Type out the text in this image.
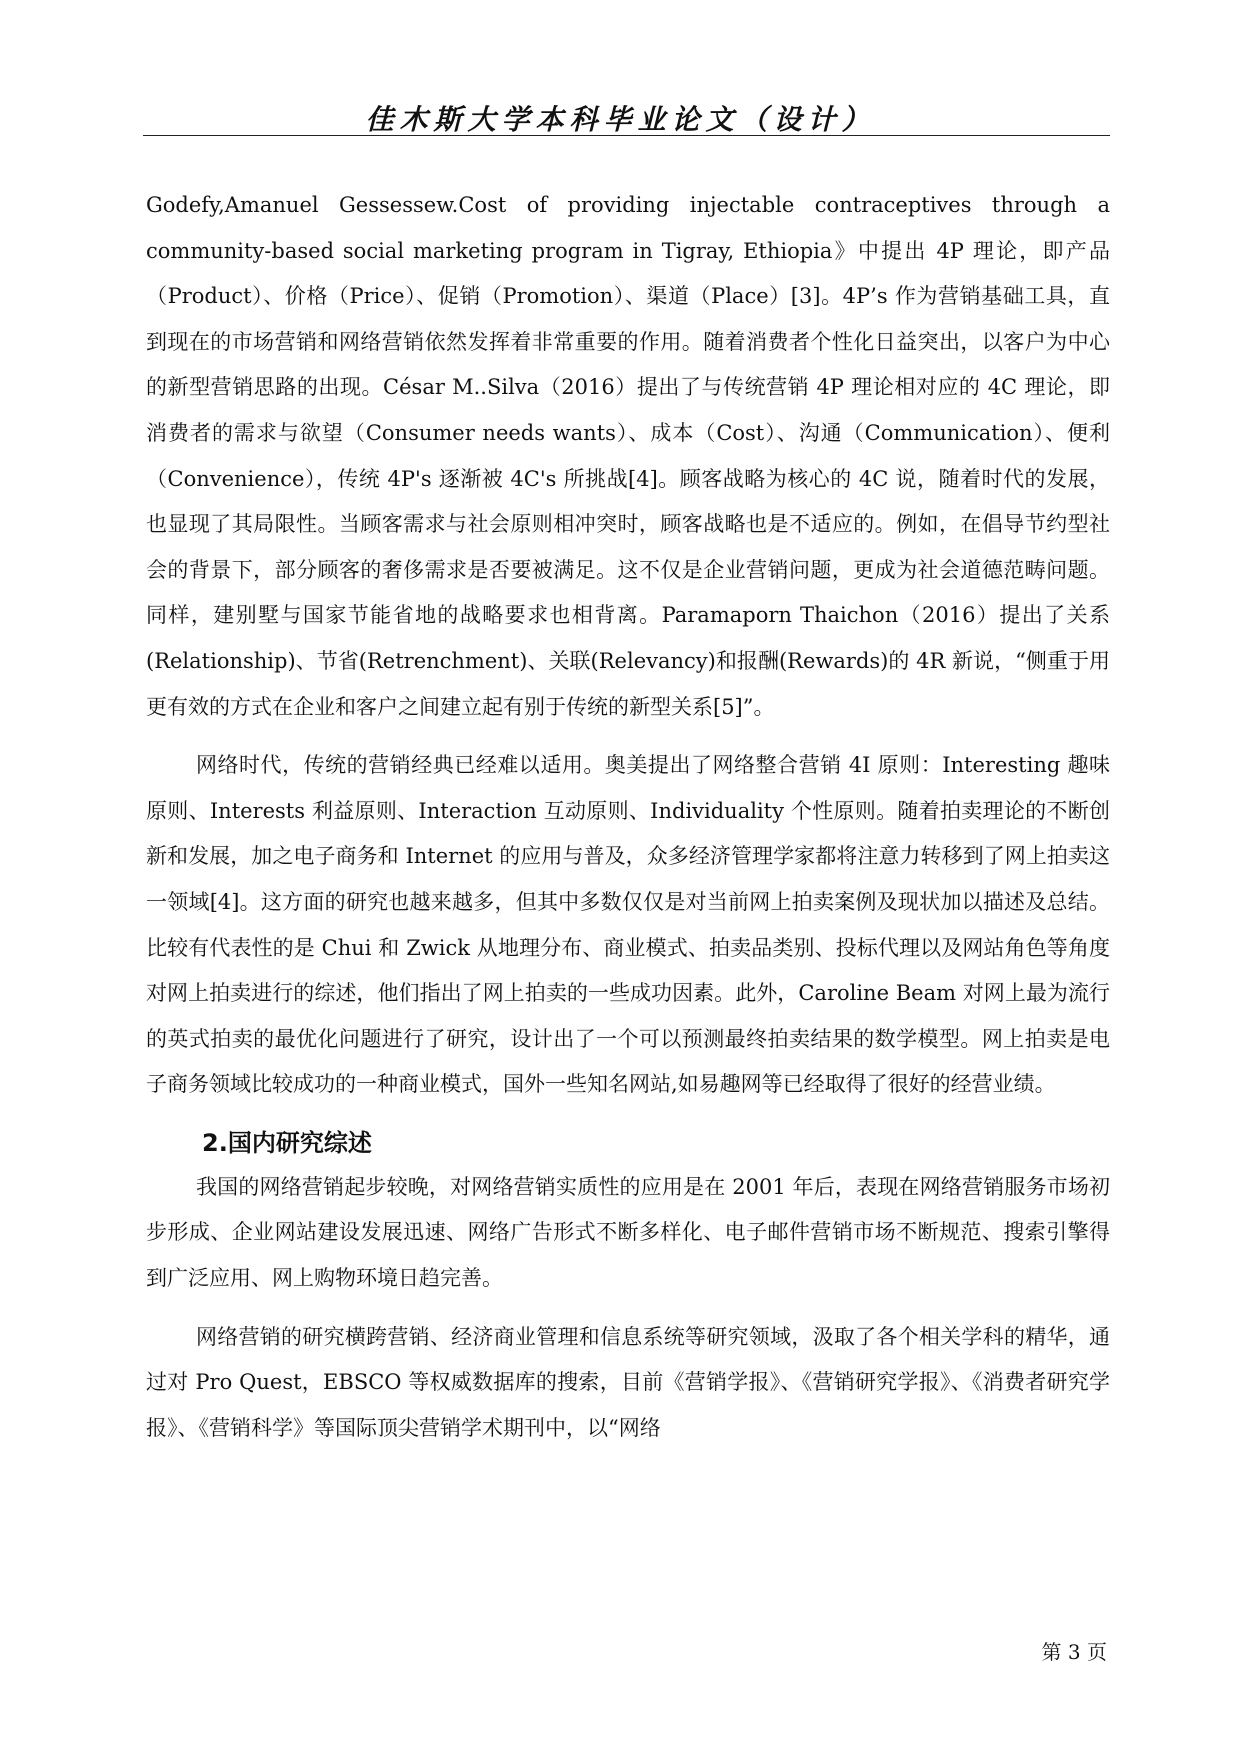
佳木斯大学本科毕业论文（设计）

Godefy,Amanuel Gessessew.Cost of providing injectable contraceptives through a community-based social marketing program in Tigray, Ethiopia》中提出 4P 理论，即产品（Product）、价格（Price）、促销（Promotion）、渠道（Place）[3]。4P’s 作为营销基础工具，直到现在的市场营销和网络营销依然发挥着非常重要的作用。随着消费者个性化日益突出，以客户为中心的新型营销思路的出现。César M..Silva（2016）提出了与传统营销 4P 理论相对应的 4C 理论，即消费者的需求与欲望（Consumer needs wants）、成本（Cost）、沟通（Communication）、便利（Convenience），传统 4P's 逐渐被 4C's 所挑战[4]。顾客战略为核心的 4C 说，随着时代的发展，也显现了其局限性。当顾客需求与社会原则相冲突时，顾客战略也是不适应的。例如，在倡导节约型社会的背景下，部分顾客的奢侈需求是否要被满足。这不仅是企业营销问题，更成为社会道德范畴问题。同样，建别墅与国家节能省地的战略要求也相背离。Paramaporn Thaichon（2016）提出了关系(Relationship)、节省(Retrenchment)、关联(Relevancy)和报酬(Rewards)的 4R 新说，“侧重于用更有效的方式在企业和客户之间建立起有别于传统的新型关系[5]”。

网络时代，传统的营销经典已经难以适用。奥美提出了网络整合营销 4I 原则：Interesting 趣味原则、Interests 利益原则、Interaction 互动原则、Individuality 个性原则。随着拍卖理论的不断创新和发展，加之电子商务和 Internet 的应用与普及，众多经济管理学家都将注意力转移到了网上拍卖这一领域[4]。这方面的研究也越来越多，但其中多数仅仅是对当前网上拍卖案例及现状加以描述及总结。比较有代表性的是 Chui 和 Zwick 从地理分布、商业模式、拍卖品类别、投标代理以及网站角色等角度对网上拍卖进行的综述，他们指出了网上拍卖的一些成功因素。此外，Caroline Beam 对网上最为流行的英式拍卖的最优化问题进行了研究，设计出了一个可以预测最终拍卖结果的数学模型。网上拍卖是电子商务领域比较成功的一种商业模式，国外一些知名网站,如易趣网等已经取得了很好的经营业绩。

2.国内研究综述

我国的网络营销起步较晚，对网络营销实质性的应用是在 2001 年后，表现在网络营销服务市场初步形成、企业网站建设发展迅速、网络广告形式不断多样化、电子邮件营销市场不断规范、搜索引擎得到广泛应用、网上购物环境日趋完善。

网络营销的研究横跨营销、经济商业管理和信息系统等研究领域，汲取了各个相关学科的精华，通过对 Pro Quest，EBSCO 等权威数据库的搜索，目前《营销学报》、《营销研究学报》、《消费者研究学报》、《营销科学》等国际顶尖营销学术期刊中，以“网络

第 3 页
